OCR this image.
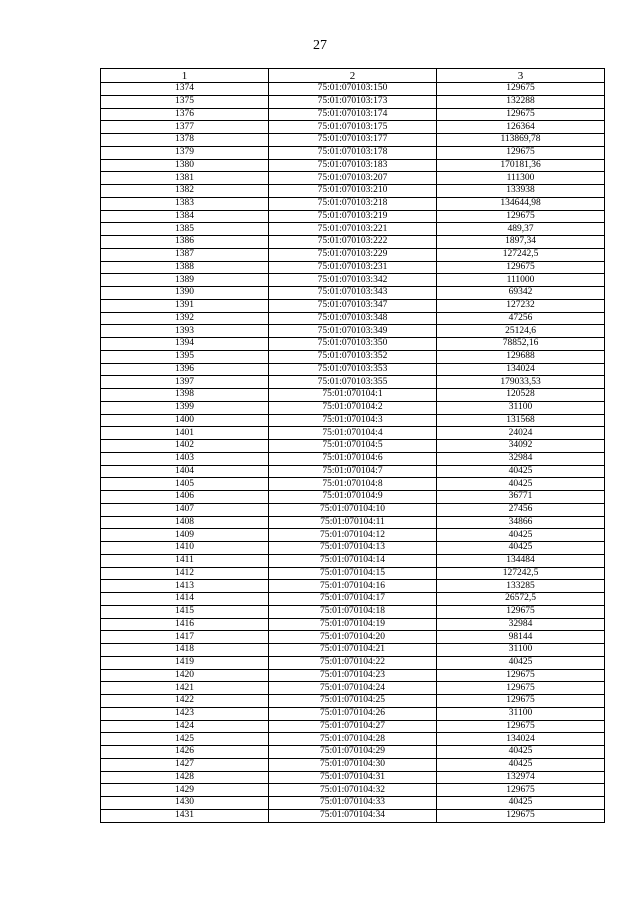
27
1	2	3
1374	75:01:070103:150	129675
1375	75:01:070103:173	132288
1376	75:01:070103:174	129675
1377	75:01:070103:175	126364
1378	75:01:070103:177	113869,78
1379	75:01:070103:178	129675
1380	75:01:070103:183	170181,36
1381	75:01:070103:207	111300
1382	75:01:070103:210	133938
1383	75:01:070103:218	134644,98
1384	75:01:070103:219	129675
1385	75:01:070103:221	489,37
1386	75:01:070103:222	1897,34
1387	75:01:070103:229	127242,5
1388	75:01:070103:231	129675
1389	75:01:070103:342	111000
1390	75:01:070103:343	69342
1391	75:01:070103:347	127232
1392	75:01:070103:348	47256
1393	75:01:070103:349	25124,6
1394	75:01:070103:350	78852,16
1395	75:01:070103:352	129688
1396	75:01:070103:353	134024
1397	75:01:070103:355	179033,53
1398	75:01:070104:1	120528
1399	75:01:070104:2	31100
1400	75:01:070104:3	131568
1401	75:01:070104:4	24024
1402	75:01:070104:5	34092
1403	75:01:070104:6	32984
1404	75:01:070104:7	40425
1405	75:01:070104:8	40425
1406	75:01:070104:9	36771
1407	75:01:070104:10	27456
1408	75:01:070104:11	34866
1409	75:01:070104:12	40425
1410	75:01:070104:13	40425
1411	75:01:070104:14	134484
1412	75:01:070104:15	127242,5
1413	75:01:070104:16	133285
1414	75:01:070104:17	26572,5
1415	75:01:070104:18	129675
1416	75:01:070104:19	32984
1417	75:01:070104:20	98144
1418	75:01:070104:21	31100
1419	75:01:070104:22	40425
1420	75:01:070104:23	129675
1421	75:01:070104:24	129675
1422	75:01:070104:25	129675
1423	75:01:070104:26	31100
1424	75:01:070104:27	129675
1425	75:01:070104:28	134024
1426	75:01:070104:29	40425
1427	75:01:070104:30	40425
1428	75:01:070104:31	132974
1429	75:01:070104:32	129675
1430	75:01:070104:33	40425
1431	75:01:070104:34	129675
